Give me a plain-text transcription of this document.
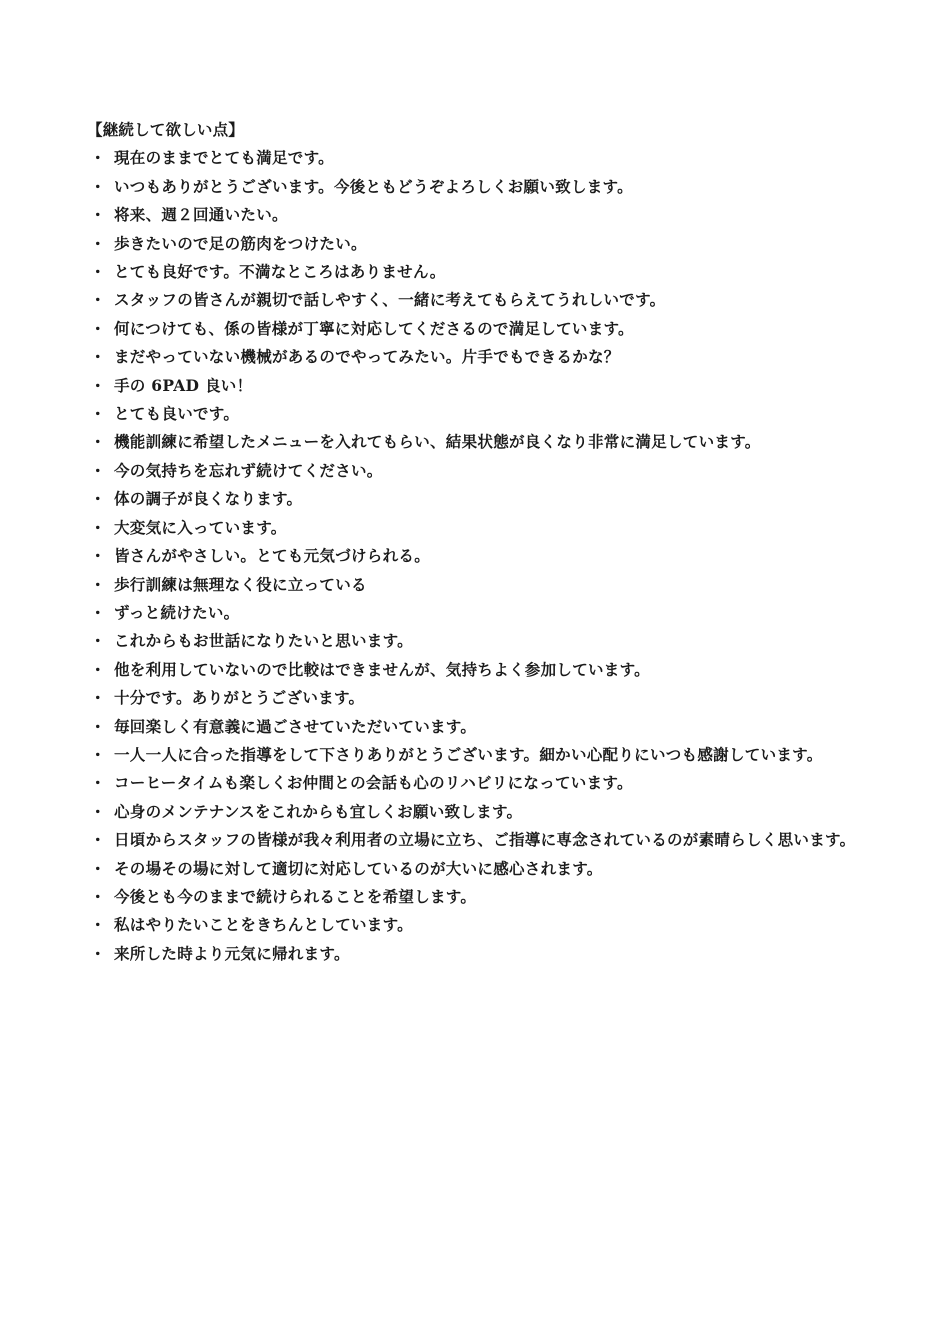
【継続して欲しい点】
・ 現在のままでとても満足です。
・ いつもありがとうございます。今後ともどうぞよろしくお願い致します。
・ 将来、週２回通いたい。
・ 歩きたいので足の筋肉をつけたい。
・ とても良好です。不満なところはありません。
・ スタッフの皆さんが親切で話しやすく、一緒に考えてもらえてうれしいです。
・ 何につけても、係の皆様が丁寧に対応してくださるので満足しています。
・ まだやっていない機械があるのでやってみたい。片手でもできるかな？
・ 手の 6PAD 良い！
・ とても良いです。
・ 機能訓練に希望したメニューを入れてもらい、結果状態が良くなり非常に満足しています。
・ 今の気持ちを忘れず続けてください。
・ 体の調子が良くなります。
・ 大変気に入っています。
・ 皆さんがやさしい。とても元気づけられる。
・ 歩行訓練は無理なく役に立っている
・ ずっと続けたい。
・ これからもお世話になりたいと思います。
・ 他を利用していないので比較はできませんが、気持ちよく参加しています。
・ 十分です。ありがとうございます。
・ 毎回楽しく有意義に過ごさせていただいています。
・ 一人一人に合った指導をして下さりありがとうございます。細かい心配りにいつも感謝しています。
・ コーヒータイムも楽しくお仲間との会話も心のリハビリになっています。
・ 心身のメンテナンスをこれからも宜しくお願い致します。
・ 日頃からスタッフの皆様が我々利用者の立場に立ち、ご指導に専念されているのが素晴らしく思います。
・ その場その場に対して適切に対応しているのが大いに感心されます。
・ 今後とも今のままで続けられることを希望します。
・ 私はやりたいことをきちんとしています。
・ 来所した時より元気に帰れます。
